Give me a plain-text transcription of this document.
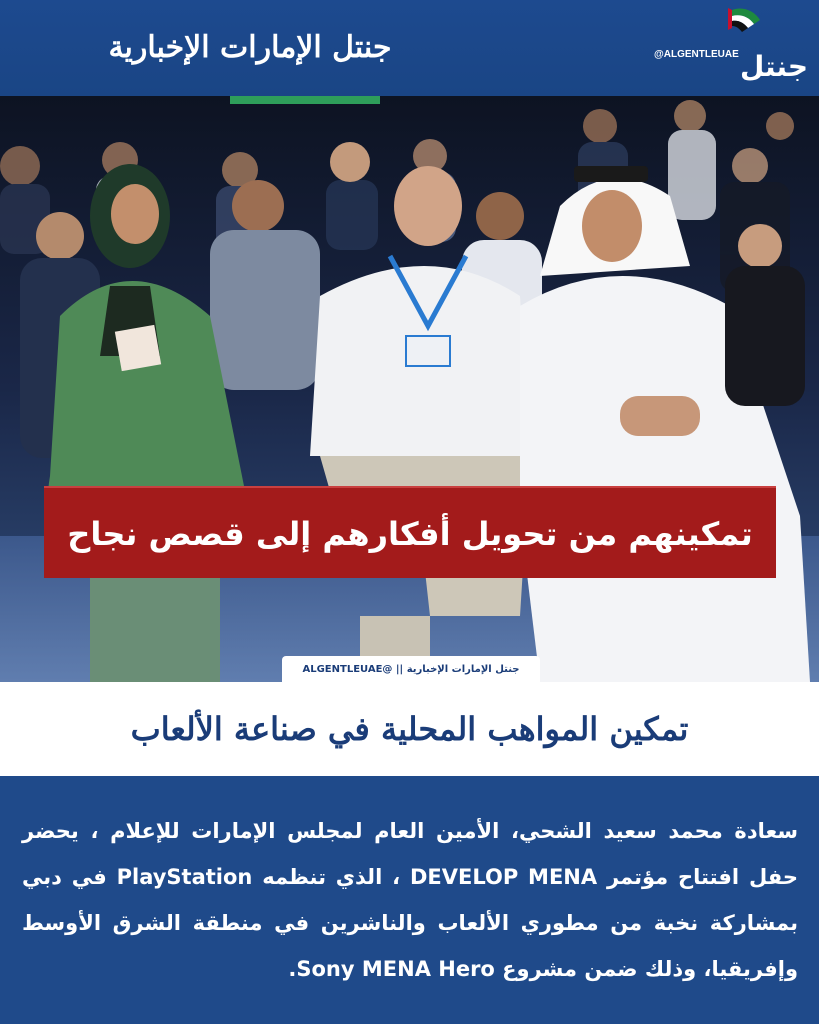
جنتل الإمارات الإخبارية	@ALGENTLEUAE جنتل
تمكينهم من تحويل أفكارهم إلى قصص نجاح
جنتل الإمارات الإخبارية || @ALGENTLEUAE
تمكين المواهب المحلية في صناعة الألعاب
سعادة محمد سعيد الشحي، الأمين العام لمجلس الإمارات للإعلام ، يحضر حفل افتتاح مؤتمر DEVELOP MENA ، الذي تنظمه PlayStation في دبي بمشاركة نخبة من مطوري الألعاب والناشرين في منطقة الشرق الأوسط وإفريقيا، وذلك ضمن مشروع Sony MENA Hero.
